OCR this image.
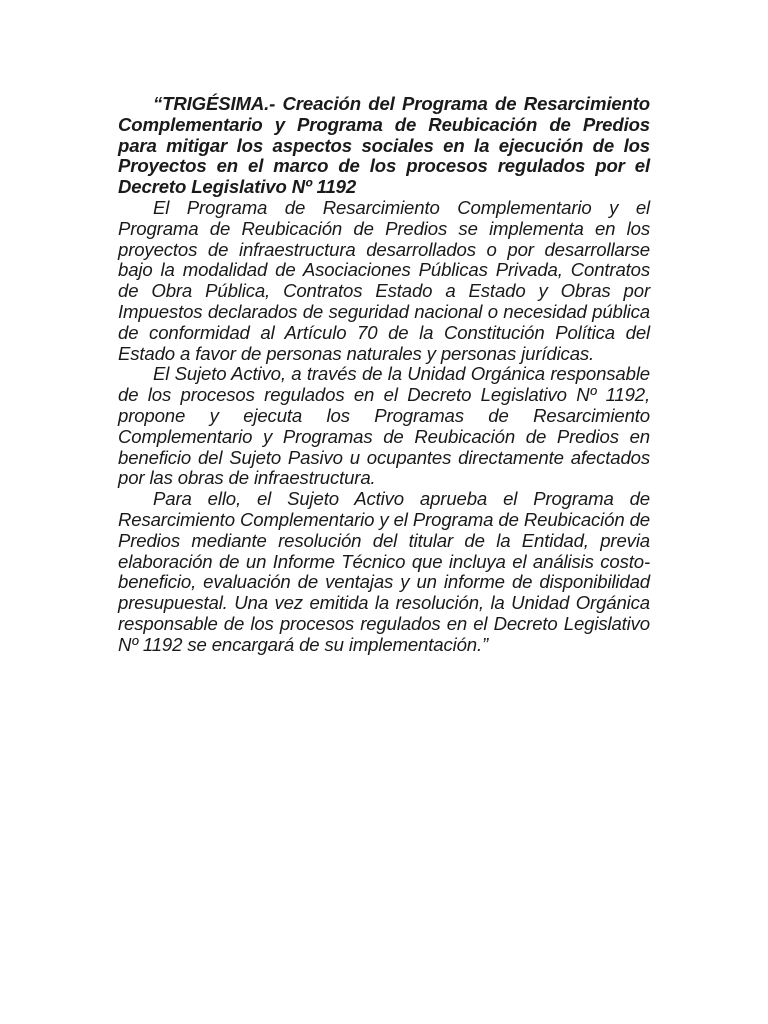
“TRIGÉSIMA.- Creación del Programa de Resarcimiento Complementario y Programa de Reubicación de Predios para mitigar los aspectos sociales en la ejecución de los Proyectos en el marco de los procesos regulados por el Decreto Legislativo Nº 1192

El Programa de Resarcimiento Complementario y el Programa de Reubicación de Predios se implementa en los proyectos de infraestructura desarrollados o por desarrollarse bajo la modalidad de Asociaciones Públicas Privada, Contratos de Obra Pública, Contratos Estado a Estado y Obras por Impuestos declarados de seguridad nacional o necesidad pública de conformidad al Artículo 70 de la Constitución Política del Estado a favor de personas naturales y personas jurídicas.

El Sujeto Activo, a través de la Unidad Orgánica responsable de los procesos regulados en el Decreto Legislativo Nº 1192, propone y ejecuta los Programas de Resarcimiento Complementario y Programas de Reubicación de Predios en beneficio del Sujeto Pasivo u ocupantes directamente afectados por las obras de infraestructura.

Para ello, el Sujeto Activo aprueba el Programa de Resarcimiento Complementario y el Programa de Reubicación de Predios mediante resolución del titular de la Entidad, previa elaboración de un Informe Técnico que incluya el análisis costo-beneficio, evaluación de ventajas y un informe de disponibilidad presupuestal. Una vez emitida la resolución, la Unidad Orgánica responsable de los procesos regulados en el Decreto Legislativo Nº 1192 se encargará de su implementación.”
